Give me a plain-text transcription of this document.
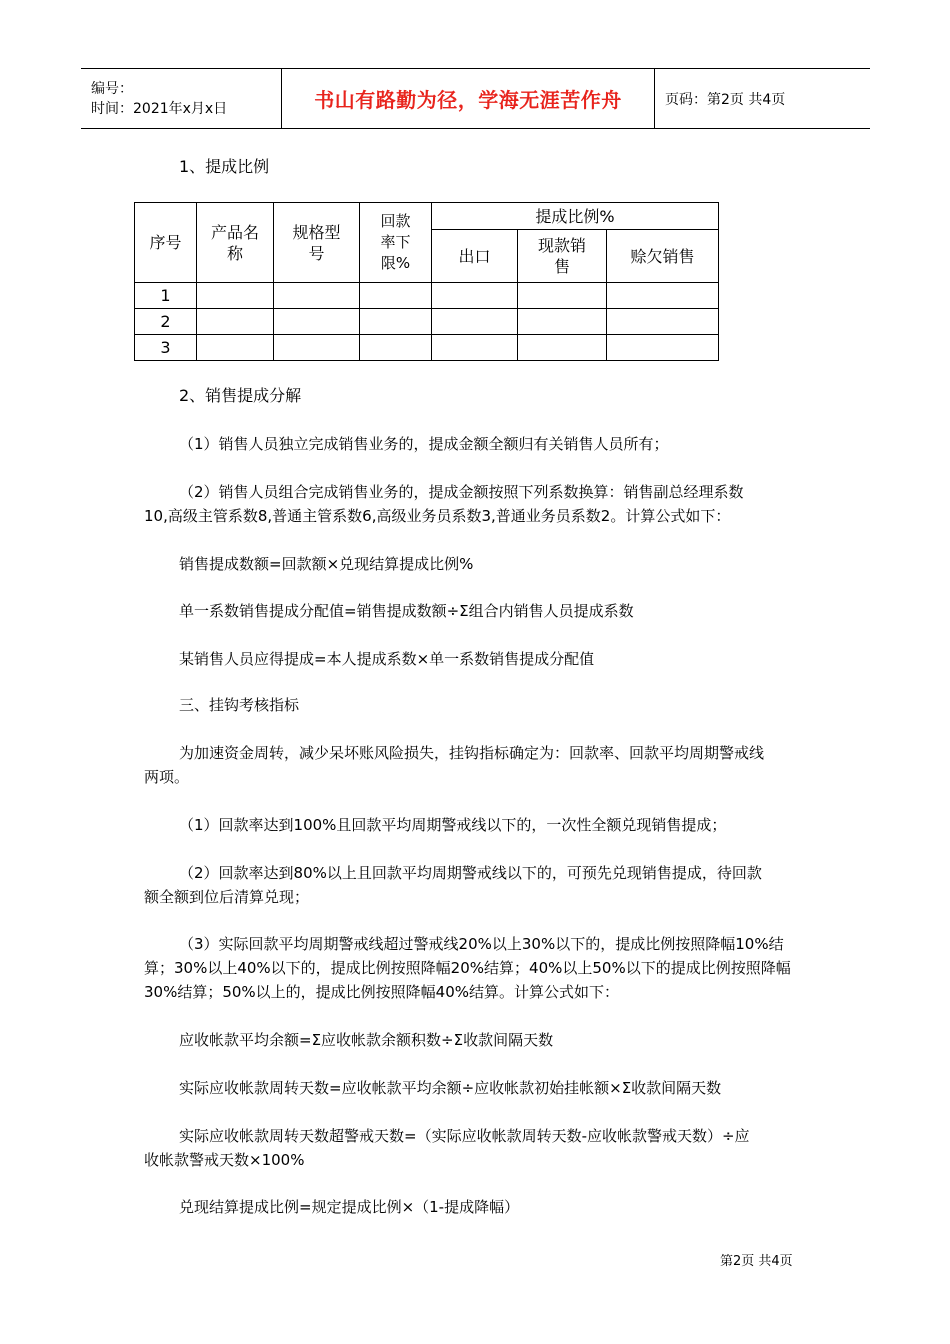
编号：
时间：2021年x月x日	书山有路勤为径，学海无涯苦作舟	页码：第2页 共4页
1、提成比例
序号	产品名称	规格型号	回款率下限%	提成比例%		
				出口	现款销售	赊欠销售
1						
2						
3						
2、销售提成分解
（1）销售人员独立完成销售业务的，提成金额全额归有关销售人员所有；
（2）销售人员组合完成销售业务的，提成金额按照下列系数换算：销售副总经理系数
10,高级主管系数8,普通主管系数6,高级业务员系数3,普通业务员系数2。计算公式如下：
销售提成数额=回款额×兑现结算提成比例%
单一系数销售提成分配值=销售提成数额÷Σ组合内销售人员提成系数
某销售人员应得提成=本人提成系数×单一系数销售提成分配值
三、挂钩考核指标
为加速资金周转，减少呆坏账风险损失，挂钩指标确定为：回款率、回款平均周期警戒线
两项。
（1）回款率达到100%且回款平均周期警戒线以下的，一次性全额兑现销售提成；
（2）回款率达到80%以上且回款平均周期警戒线以下的，可预先兑现销售提成，待回款
额全额到位后清算兑现；
（3）实际回款平均周期警戒线超过警戒线20%以上30%以下的，提成比例按照降幅10%结
算；30%以上40%以下的，提成比例按照降幅20%结算；40%以上50%以下的提成比例按照降幅
30%结算；50%以上的，提成比例按照降幅40%结算。计算公式如下：
应收帐款平均余额=Σ应收帐款余额积数÷Σ收款间隔天数
实际应收帐款周转天数=应收帐款平均余额÷应收帐款初始挂帐额×Σ收款间隔天数
实际应收帐款周转天数超警戒天数=（实际应收帐款周转天数-应收帐款警戒天数）÷应
收帐款警戒天数×100%
兑现结算提成比例=规定提成比例×（1-提成降幅）
第2页 共4页
